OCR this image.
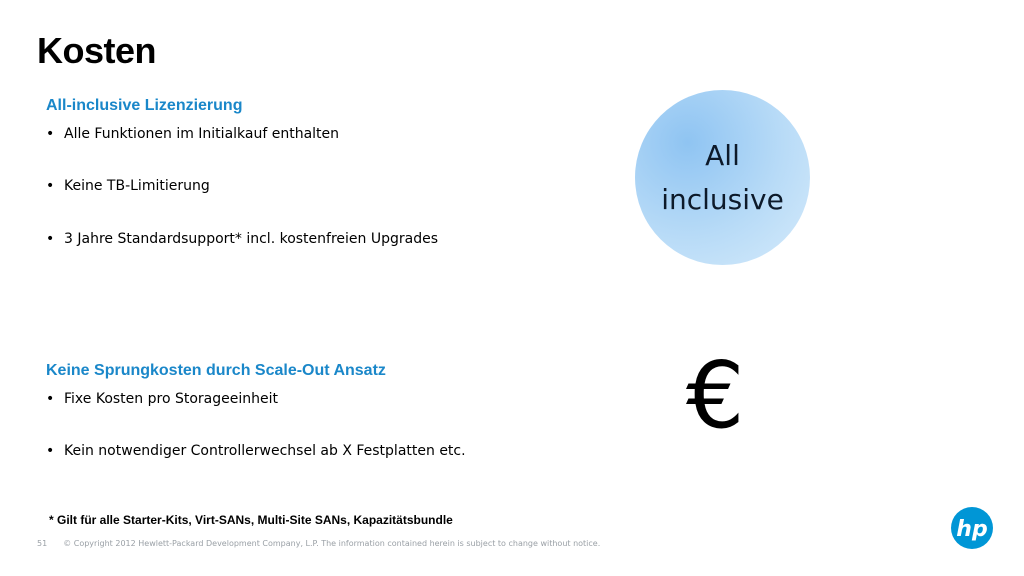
Kosten
All-inclusive Lizenzierung
• Alle Funktionen im Initialkauf enthalten
• Keine TB-Limitierung
• 3 Jahre Standardsupport* incl. kostenfreien Upgrades
Keine Sprungkosten durch Scale-Out Ansatz
• Fixe Kosten pro Storageeinheit
• Kein notwendiger Controllerwechsel ab X Festplatten etc.
All
inclusive
€
* Gilt für alle Starter-Kits, Virt-SANs, Multi-Site SANs, Kapazitätsbundle
51 © Copyright 2012 Hewlett-Packard Development Company, L.P. The information contained herein is subject to change without notice.
hp
